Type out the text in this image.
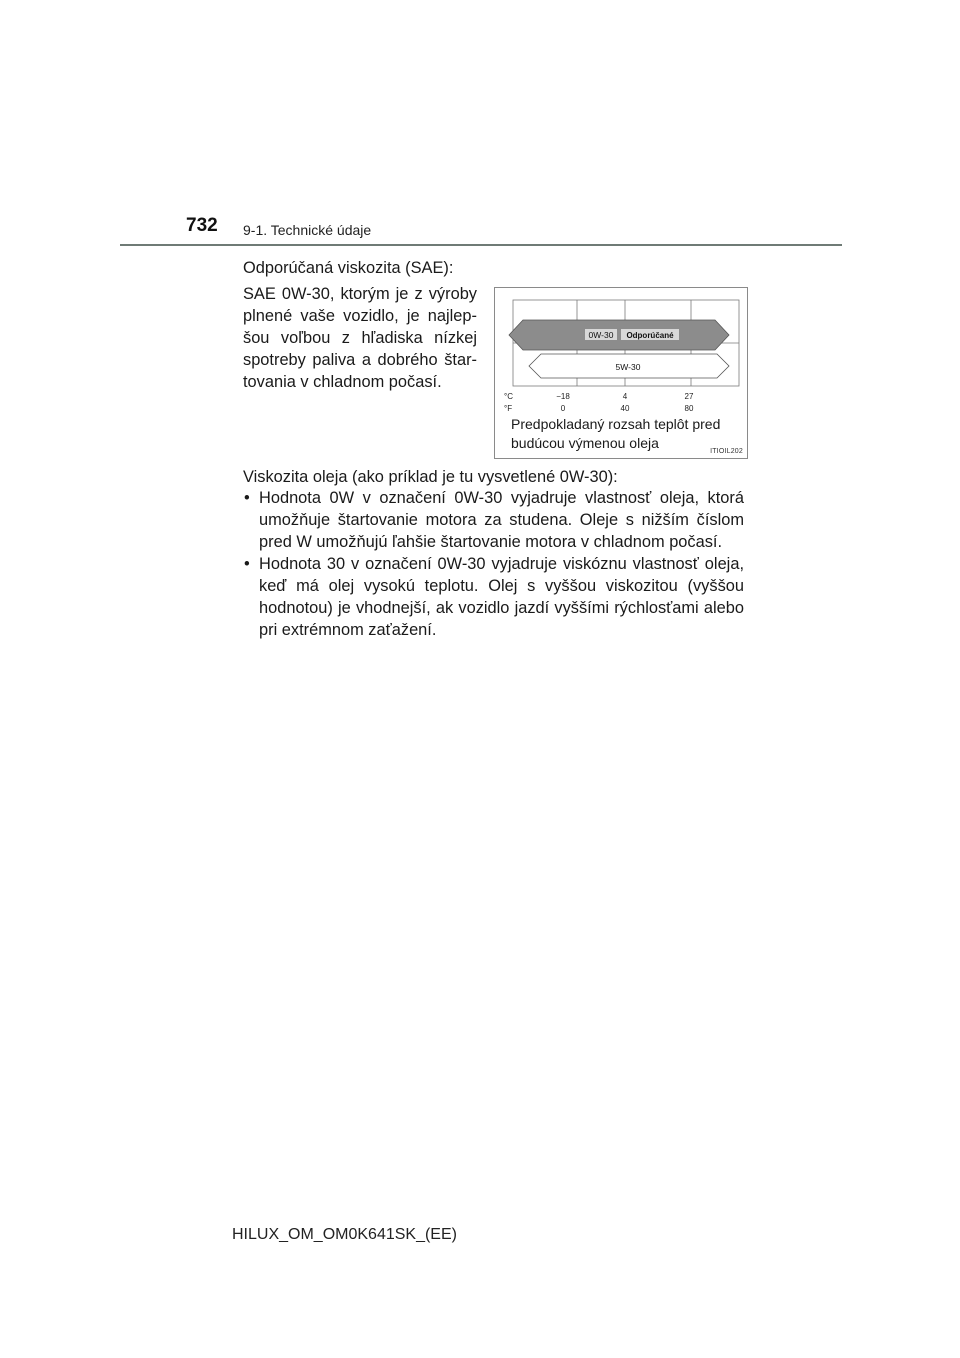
732 9-1. Technické údaje
Odporúčaná viskozita (SAE):
SAE 0W-30, ktorým je z výroby plnené vaše vozidlo, je najlepšou voľbou z hľadiska nízkej spotreby paliva a dobrého štartovania v chladnom počasí.
0W-30 Odporúčané
5W-30
°C	−18	4	27
°F	0	40	80
Predpokladaný rozsah teplôt pred budúcou výmenou oleja
ITIOIL202
Viskozita oleja (ako príklad je tu vysvetlené 0W-30):
• Hodnota 0W v označení 0W-30 vyjadruje vlastnosť oleja, ktorá umožňuje štartovanie motora za studena. Oleje s nižším číslom pred W umožňujú ľahšie štartovanie motora v chladnom počasí.
• Hodnota 30 v označení 0W-30 vyjadruje viskóznu vlastnosť oleja, keď má olej vysokú teplotu. Olej s vyššou viskozitou (vyššou hodnotou) je vhodnejší, ak vozidlo jazdí vyššími rýchlosťami alebo pri extrémnom zaťažení.
HILUX_OM_OM0K641SK_(EE)
